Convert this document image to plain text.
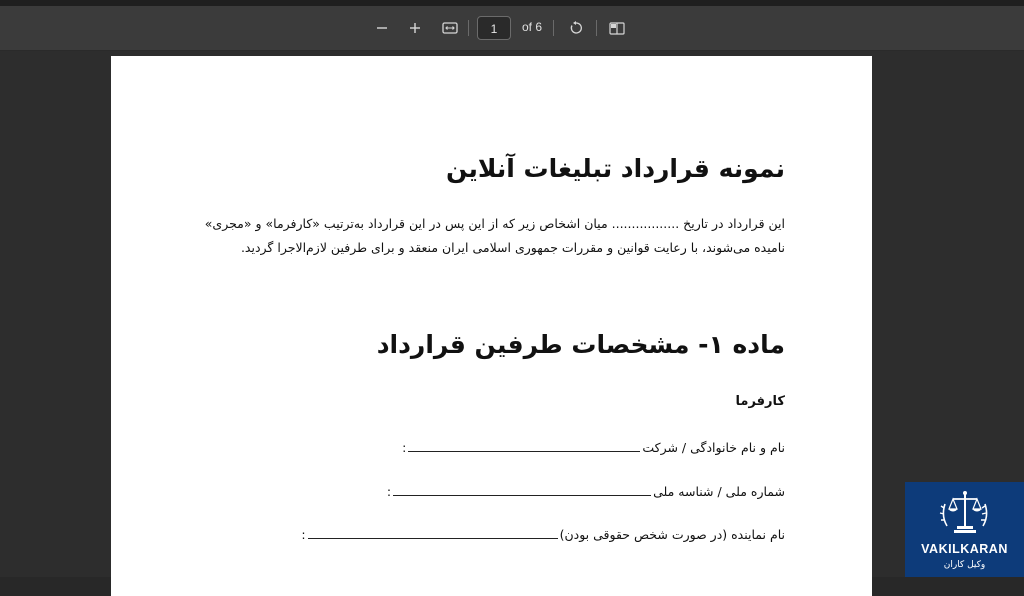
1	of 6
نمونه قرارداد تبلیغات آنلاین

این قرارداد در تاریخ ................. میان اشخاص زیر که از این پس در این قرارداد به‌ترتیب «کارفرما» و «مجری» نامیده می‌شوند، با رعایت قوانین و مقررات جمهوری اسلامی ایران منعقد و برای طرفین لازم‌الاجرا گردید.

ماده ۱- مشخصات طرفین قرارداد

کارفرما

نام و نام خانوادگی / شرکت:

شماره ملی / شناسه ملی:

نام نماینده (در صورت شخص حقوقی بودن):

VAKILKARAN
وکیل کاران
